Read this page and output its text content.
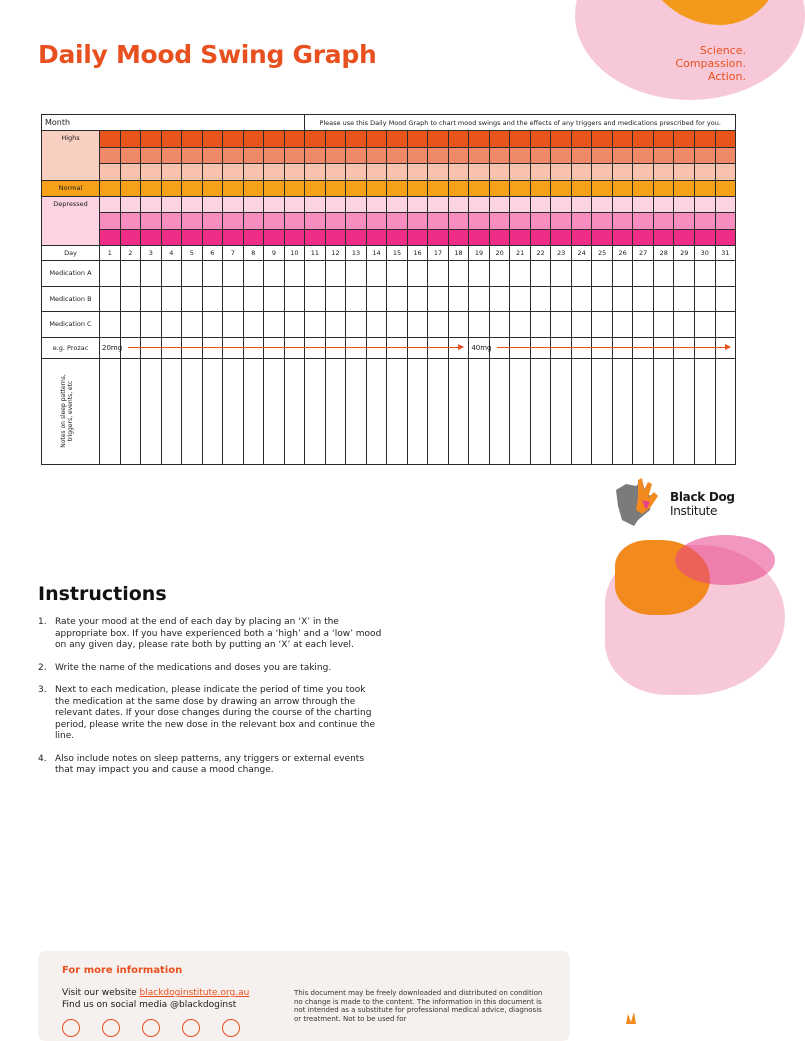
Daily Mood Swing Graph	Science.
Compassion.
Action.
Month											Please use this Daily Mood Graph to chart mood swings and the effects of any triggers and medications prescribed for you.																				
Highs																															

Normal																															
Depressed																															

Day	1	2	3	4	5	6	7	8	9	10	11	12	13	14	15	16	17	18	19	20	21	22	23	24	25	26	27	28	29	30	31
Medication A																															
Medication B																															
Medication C																															
e.g. Prozac	20mg																		40mg												

Notes on sleep patterns, triggers, events, etc																															

Black Dog
Institute
Instructions
1. Rate your mood at the end of each day by placing an ‘X’ in the appropriate box. If you have experienced both a ‘high’ and a ‘low’ mood on any given day, please rate both by putting an ‘X’ at each level.
2. Write the name of the medications and doses you are taking.
3. Next to each medication, please indicate the period of time you took the medication at the same dose by drawing an arrow through the relevant dates. If your dose changes during the course of the charting period, please write the new dose in the relevant box and continue the line.
4. Also include notes on sleep patterns, any triggers or external events that may impact you and cause a mood change.
For more information
Visit our website blackdoginstitute.org.au
Find us on social media @blackdoginst
This document may be freely downloaded and distributed on condition no change is made to the content. The information in this document is not intended as a substitute for professional medical advice, diagnosis or treatment. Not to be used for
